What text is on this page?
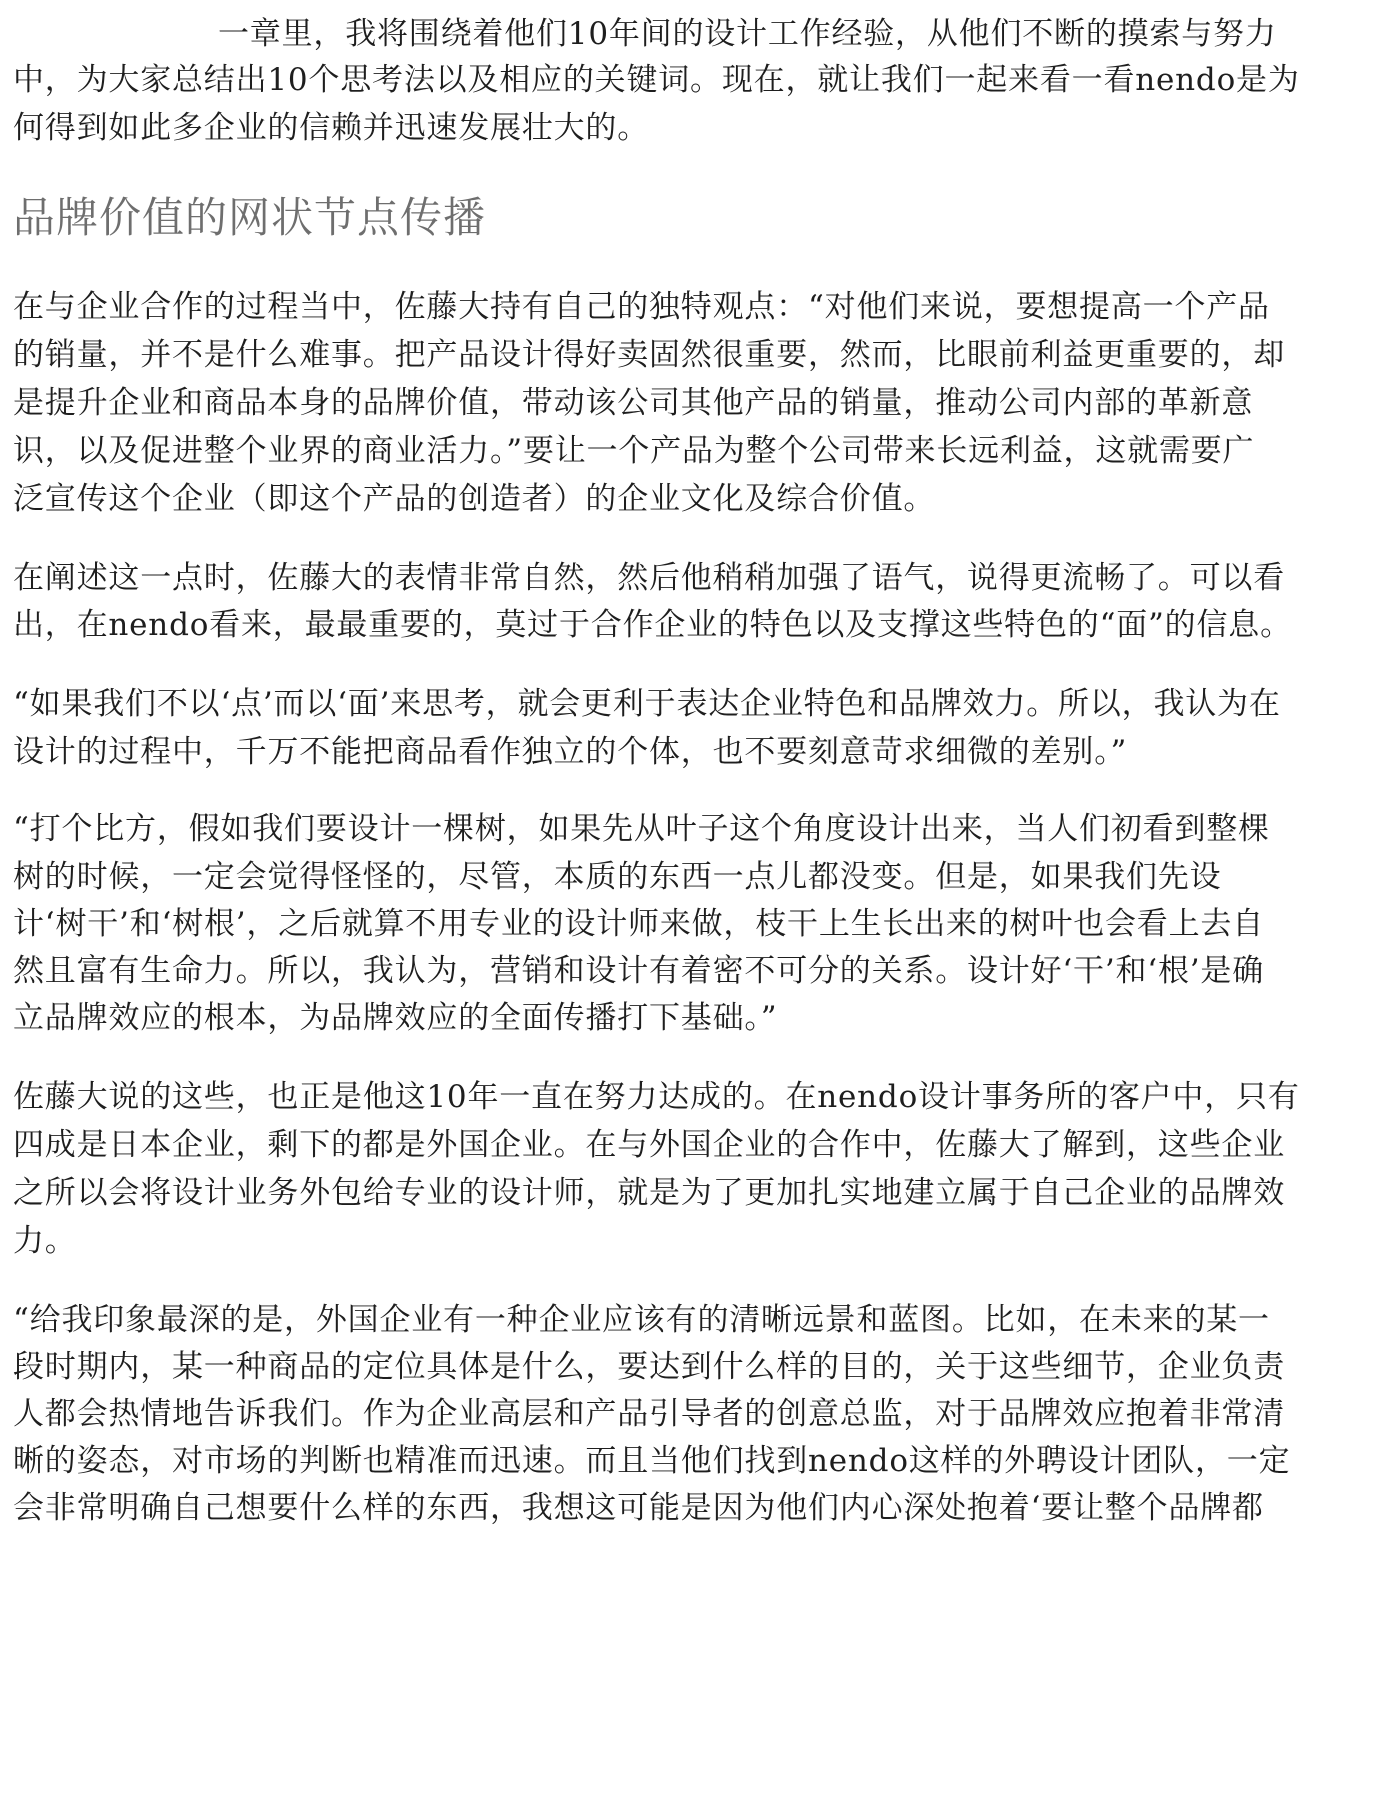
一章里，我将围绕着他们10年间的设计工作经验，从他们不断的摸索与努力
中，为大家总结出10个思考法以及相应的关键词。现在，就让我们一起来看一看nendo是为
何得到如此多企业的信赖并迅速发展壮大的。
品牌价值的网状节点传播
在与企业合作的过程当中，佐藤大持有自己的独特观点：“对他们来说，要想提高一个产品
的销量，并不是什么难事。把产品设计得好卖固然很重要，然而，比眼前利益更重要的，却
是提升企业和商品本身的品牌价值，带动该公司其他产品的销量，推动公司内部的革新意
识，以及促进整个业界的商业活力。”要让一个产品为整个公司带来长远利益，这就需要广
泛宣传这个企业（即这个产品的创造者）的企业文化及综合价值。
在阐述这一点时，佐藤大的表情非常自然，然后他稍稍加强了语气，说得更流畅了。可以看
出，在nendo看来，最最重要的，莫过于合作企业的特色以及支撑这些特色的“面”的信息。
“如果我们不以‘点’而以‘面’来思考，就会更利于表达企业特色和品牌效力。所以，我认为在
设计的过程中，千万不能把商品看作独立的个体，也不要刻意苛求细微的差别。”
“打个比方，假如我们要设计一棵树，如果先从叶子这个角度设计出来，当人们初看到整棵
树的时候，一定会觉得怪怪的，尽管，本质的东西一点儿都没变。但是，如果我们先设
计‘树干’和‘树根’，之后就算不用专业的设计师来做，枝干上生长出来的树叶也会看上去自
然且富有生命力。所以，我认为，营销和设计有着密不可分的关系。设计好‘干’和‘根’是确
立品牌效应的根本，为品牌效应的全面传播打下基础。”
佐藤大说的这些，也正是他这10年一直在努力达成的。在nendo设计事务所的客户中，只有
四成是日本企业，剩下的都是外国企业。在与外国企业的合作中，佐藤大了解到，这些企业
之所以会将设计业务外包给专业的设计师，就是为了更加扎实地建立属于自己企业的品牌效
力。
“给我印象最深的是，外国企业有一种企业应该有的清晰远景和蓝图。比如，在未来的某一
段时期内，某一种商品的定位具体是什么，要达到什么样的目的，关于这些细节，企业负责
人都会热情地告诉我们。作为企业高层和产品引导者的创意总监，对于品牌效应抱着非常清
晰的姿态，对市场的判断也精准而迅速。而且当他们找到nendo这样的外聘设计团队，一定
会非常明确自己想要什么样的东西，我想这可能是因为他们内心深处抱着‘要让整个品牌都
